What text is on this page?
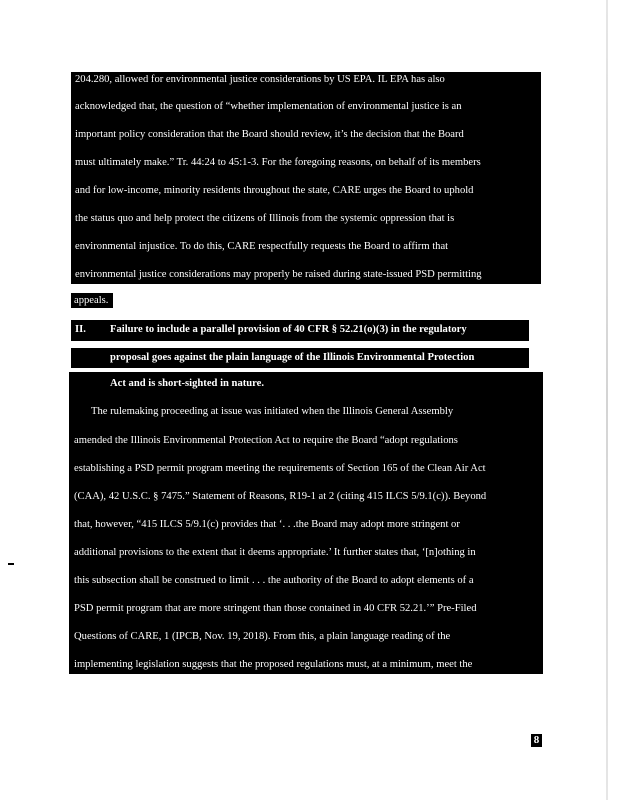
204.280, allowed for environmental justice considerations by US EPA. IL EPA has also
acknowledged that, the question of “whether implementation of environmental justice is an
important policy consideration that the Board should review, it’s the decision that the Board
must ultimately make.” Tr. 44:24 to 45:1-3. For the foregoing reasons, on behalf of its members
and for low-income, minority residents throughout the state, CARE urges the Board to uphold
the status quo and help protect the citizens of Illinois from the systemic oppression that is
environmental injustice. To do this, CARE respectfully requests the Board to affirm that
environmental justice considerations may properly be raised during state-issued PSD permitting
appeals.
II. Failure to include a parallel provision of 40 CFR § 52.21(o)(3) in the regulatory
proposal goes against the plain language of the Illinois Environmental Protection
Act and is short-sighted in nature.
The rulemaking proceeding at issue was initiated when the Illinois General Assembly
amended the Illinois Environmental Protection Act to require the Board “adopt regulations
establishing a PSD permit program meeting the requirements of Section 165 of the Clean Air Act
(CAA), 42 U.S.C. § 7475.” Statement of Reasons, R19-1 at 2 (citing 415 ILCS 5/9.1(c)). Beyond
that, however, “415 ILCS 5/9.1(c) provides that ‘. . .the Board may adopt more stringent or
additional provisions to the extent that it deems appropriate.’ It further states that, ‘[n]othing in
this subsection shall be construed to limit . . . the authority of the Board to adopt elements of a
PSD permit program that are more stringent than those contained in 40 CFR 52.21.’” Pre-Filed
Questions of CARE, 1 (IPCB, Nov. 19, 2018). From this, a plain language reading of the
implementing legislation suggests that the proposed regulations must, at a minimum, meet the
8
